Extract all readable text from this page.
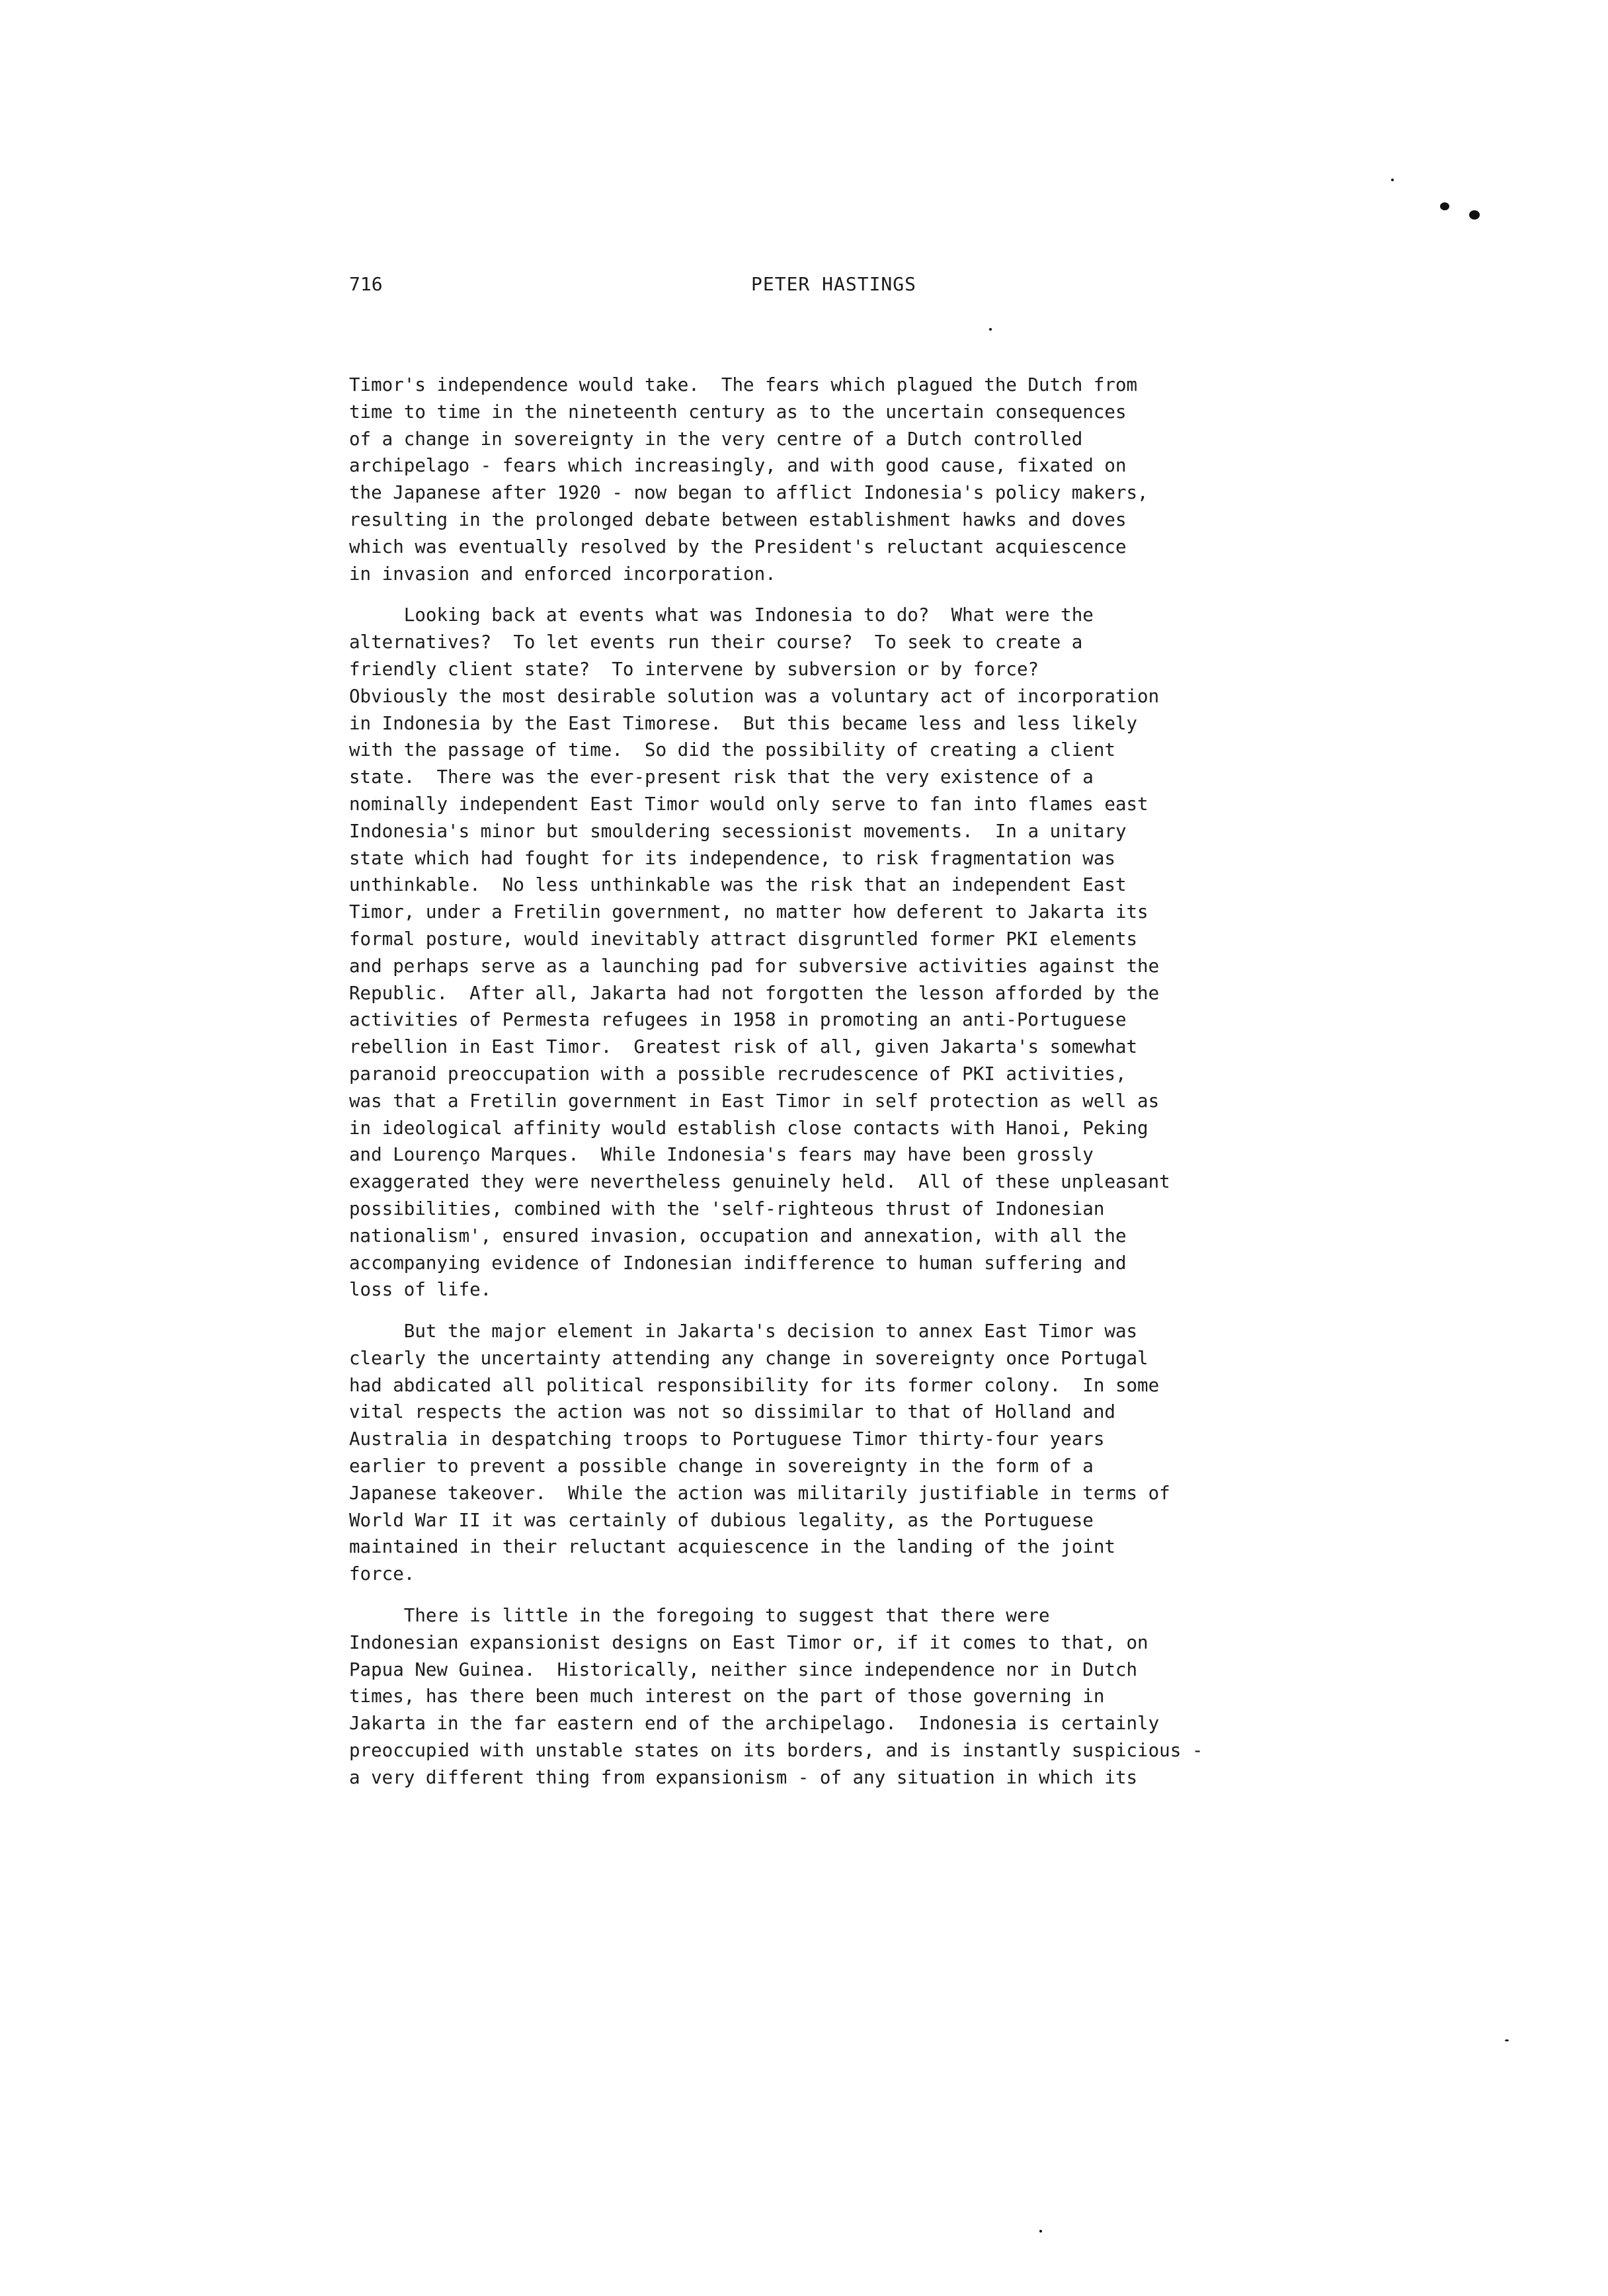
716	PETER HASTINGS

Timor's independence would take.  The fears which plagued the Dutch from
time to time in the nineteenth century as to the uncertain consequences
of a change in sovereignty in the very centre of a Dutch controlled
archipelago - fears which increasingly, and with good cause, fixated on
the Japanese after 1920 - now began to afflict Indonesia's policy makers,
resulting in the prolonged debate between establishment hawks and doves
which was eventually resolved by the President's reluctant acquiescence
in invasion and enforced incorporation.

Looking back at events what was Indonesia to do?  What were the
alternatives?  To let events run their course?  To seek to create a
friendly client state?  To intervene by subversion or by force?
Obviously the most desirable solution was a voluntary act of incorporation
in Indonesia by the East Timorese.  But this became less and less likely
with the passage of time.  So did the possibility of creating a client
state.  There was the ever-present risk that the very existence of a
nominally independent East Timor would only serve to fan into flames east
Indonesia's minor but smouldering secessionist movements.  In a unitary
state which had fought for its independence, to risk fragmentation was
unthinkable.  No less unthinkable was the risk that an independent East
Timor, under a Fretilin government, no matter how deferent to Jakarta its
formal posture, would inevitably attract disgruntled former PKI elements
and perhaps serve as a launching pad for subversive activities against the
Republic.  After all, Jakarta had not forgotten the lesson afforded by the
activities of Permesta refugees in 1958 in promoting an anti-Portuguese
rebellion in East Timor.  Greatest risk of all, given Jakarta's somewhat
paranoid preoccupation with a possible recrudescence of PKI activities,
was that a Fretilin government in East Timor in self protection as well as
in ideological affinity would establish close contacts with Hanoi, Peking
and Lourenço Marques.  While Indonesia's fears may have been grossly
exaggerated they were nevertheless genuinely held.  All of these unpleasant
possibilities, combined with the 'self-righteous thrust of Indonesian
nationalism', ensured invasion, occupation and annexation, with all the
accompanying evidence of Indonesian indifference to human suffering and
loss of life.

But the major element in Jakarta's decision to annex East Timor was
clearly the uncertainty attending any change in sovereignty once Portugal
had abdicated all political responsibility for its former colony.  In some
vital respects the action was not so dissimilar to that of Holland and
Australia in despatching troops to Portuguese Timor thirty-four years
earlier to prevent a possible change in sovereignty in the form of a
Japanese takeover.  While the action was militarily justifiable in terms of
World War II it was certainly of dubious legality, as the Portuguese
maintained in their reluctant acquiescence in the landing of the joint
force.

There is little in the foregoing to suggest that there were
Indonesian expansionist designs on East Timor or, if it comes to that, on
Papua New Guinea.  Historically, neither since independence nor in Dutch
times, has there been much interest on the part of those governing in
Jakarta in the far eastern end of the archipelago.  Indonesia is certainly
preoccupied with unstable states on its borders, and is instantly suspicious -
a very different thing from expansionism - of any situation in which its
